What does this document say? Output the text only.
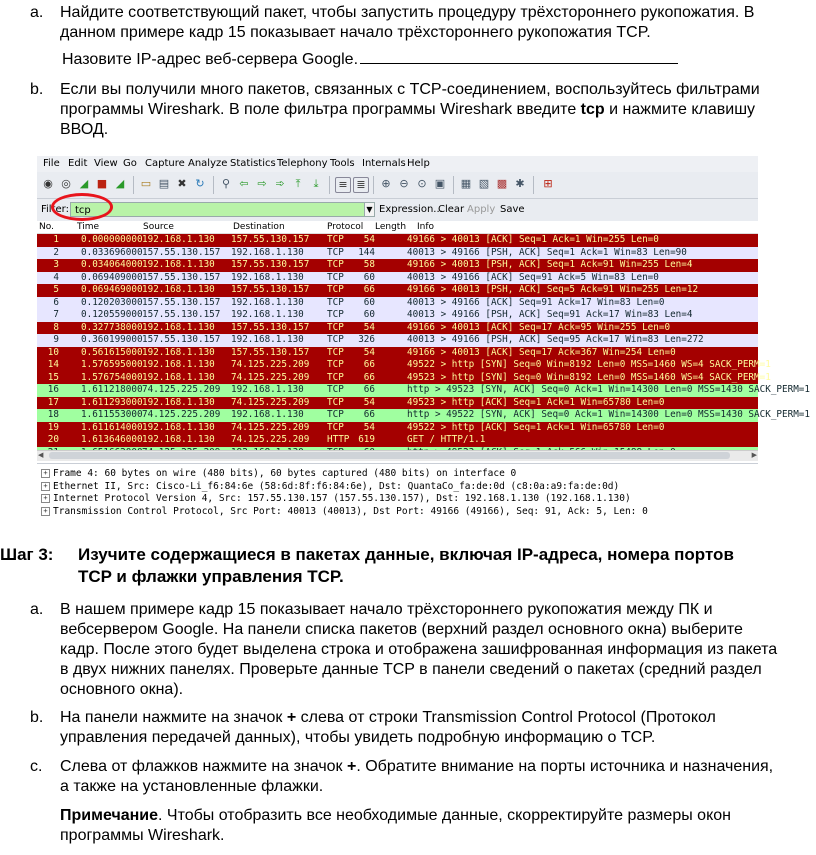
a. Найдите соответствующий пакет, чтобы запустить процедуру трёхстороннего рукопожатия. В
данном примере кадр 15 показывает начало трёхстороннего рукопожатия TCP.
Назовите IP-адрес веб-сервера Google.
b. Если вы получили много пакетов, связанных с TCP-соединением, воспользуйтесь фильтрами
программы Wireshark. В поле фильтра программы Wireshark введите tcp и нажмите клавишу
ВВОД.
File Edit View Go Capture Analyze Statistics Telephony Tools Internals Help
◉ ◎ ◢ ■ ◢ ▭ ▤ ✖ ↻ ⚲ ⇦ ⇨ ➾ ⤒	⤓	≡ ≣	⊕ ⊖ ⊙ ▣ ▦ ▧ ▩ ✱ ⊞
Filter: tcp	▼ Expression...
Clear Apply Save
No.	Time	Source	Destination	Protocol Length Info
1 0.000000000 192.168.1.130 157.55.130.157 TCP	54	49166 > 40013 [ACK] Seq=1 Ack=1 Win=255 Len=0
2 0.033696000 157.55.130.157 192.168.1.130 TCP	144	40013 > 49166 [PSH, ACK] Seq=1 Ack=1 Win=83 Len=90
3 0.034064000 192.168.1.130 157.55.130.157 TCP	58	49166 > 40013 [PSH, ACK] Seq=1 Ack=91 Win=255 Len=4
4 0.069409000 157.55.130.157 192.168.1.130 TCP	60	40013 > 49166 [ACK] Seq=91 Ack=5 Win=83 Len=0
5 0.069469000 192.168.1.130 157.55.130.157 TCP	66	49166 > 40013 [PSH, ACK] Seq=5 Ack=91 Win=255 Len=12
6 0.120203000 157.55.130.157 192.168.1.130 TCP	60	40013 > 49166 [ACK] Seq=91 Ack=17 Win=83 Len=0
7 0.120559000 157.55.130.157 192.168.1.130 TCP	60	40013 > 49166 [PSH, ACK] Seq=91 Ack=17 Win=83 Len=4
8 0.327738000 192.168.1.130 157.55.130.157 TCP	54	49166 > 40013 [ACK] Seq=17 Ack=95 Win=255 Len=0
9 0.360199000 157.55.130.157 192.168.1.130 TCP	326	40013 > 49166 [PSH, ACK] Seq=95 Ack=17 Win=83 Len=272
10 0.561615000 192.168.1.130 157.55.130.157 TCP	54	49166 > 40013 [ACK] Seq=17 Ack=367 Win=254 Len=0
14 1.576595000 192.168.1.130 74.125.225.209 TCP	66	49522 > http [SYN] Seq=0 Win=8192 Len=0 MSS=1460 WS=4 SACK_PERM=1
15 1.576754000 192.168.1.130 74.125.225.209 TCP	66	49523 > http [SYN] Seq=0 Win=8192 Len=0 MSS=1460 WS=4 SACK_PERM=1
16 1.611218000 74.125.225.209 192.168.1.130 TCP	66	http > 49523 [SYN, ACK] Seq=0 Ack=1 Win=14300 Len=0 MSS=1430 SACK_PERM=1
17 1.611293000 192.168.1.130 74.125.225.209 TCP	54	49523 > http [ACK] Seq=1 Ack=1 Win=65780 Len=0
18 1.611553000 74.125.225.209 192.168.1.130 TCP	66	http > 49522 [SYN, ACK] Seq=0 Ack=1 Win=14300 Len=0 MSS=1430 SACK_PERM=1
19 1.611614000 192.168.1.130 74.125.225.209 TCP	54	49522 > http [ACK] Seq=1 Ack=1 Win=65780 Len=0
20 1.613646000 192.168.1.130 74.125.225.209 HTTP 619	GET / HTTP/1.1
◀	▶
+ Frame 4: 60 bytes on wire (480 bits), 60 bytes captured (480 bits) on interface 0
+ Ethernet II, Src: Cisco-Li_f6:84:6e (58:6d:8f:f6:84:6e), Dst: QuantaCo_fa:de:0d (c8:0a:a9:fa:de:0d)
+ Internet Protocol Version 4, Src: 157.55.130.157 (157.55.130.157), Dst: 192.168.1.130 (192.168.1.130)
+ Transmission Control Protocol, Src Port: 40013 (40013), Dst Port: 49166 (49166), Seq: 91, Ack: 5, Len: 0
Шаг 3: Изучите содержащиеся в пакетах данные, включая IP-адреса, номера портов
TCP и флажки управления TCP.
a. В нашем примере кадр 15 показывает начало трёхстороннего рукопожатия между ПК и
вебсервером Google. На панели списка пакетов (верхний раздел основного окна) выберите
кадр. После этого будет выделена строка и отображена зашифрованная информация из пакета
в двух нижних панелях. Проверьте данные TCP в панели сведений о пакетах (средний раздел
основного окна).
b. На панели нажмите на значок + слева от строки Transmission Control Protocol (Протокол
управления передачей данных), чтобы увидеть подробную информацию о TCP.
c. Слева от флажков нажмите на значок +. Обратите внимание на порты источника и назначения,
а также на установленные флажки.
Примечание. Чтобы отобразить все необходимые данные, скорректируйте размеры окон
программы Wireshark.
